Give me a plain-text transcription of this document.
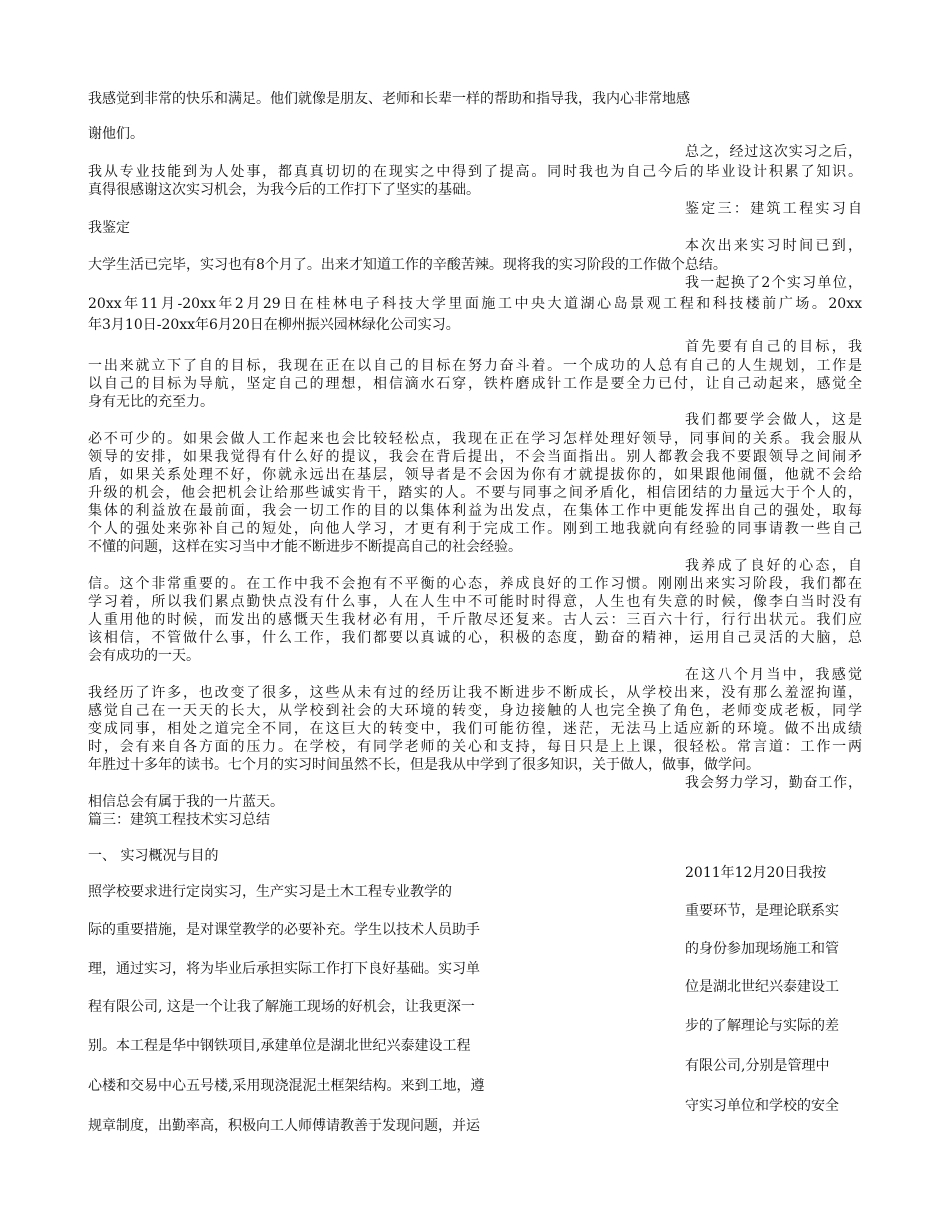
我感觉到非常的快乐和满足。他们就像是朋友、老师和长辈一样的帮助和指导我，我内心非常地感
谢他们。
总之，经过这次实习之后，
我从专业技能到为人处事，都真真切切的在现实之中得到了提高。同时我也为自己今后的毕业设计积累了知识。
真得很感谢这次实习机会，为我今后的工作打下了坚实的基础。
鉴定三：建筑工程实习自
我鉴定
本次出来实习时间已到，
大学生活已完毕，实习也有8个月了。出来才知道工作的辛酸苦辣。现将我的实习阶段的工作做个总结。
我一起换了2个实习单位，
20xx年11月-20xx年2月29日在桂林电子科技大学里面施工中央大道湖心岛景观工程和科技楼前广场。20xx
年3月10日-20xx年6月20日在柳州振兴园林绿化公司实习。
首先要有自己的目标，我
一出来就立下了自的目标，我现在正在以自己的目标在努力奋斗着。一个成功的人总有自己的人生规划，工作是
以自己的目标为导航，坚定自己的理想，相信滴水石穿，铁杵磨成针工作是要全力已付，让自己动起来，感觉全
身有无比的充至力。
我们都要学会做人，这是
必不可少的。如果会做人工作起来也会比较轻松点，我现在正在学习怎样处理好领导，同事间的关系。我会服从
领导的安排，如果我觉得有什么好的提议，我会在背后提出，不会当面指出。别人都教会我不要跟领导之间闹矛
盾，如果关系处理不好，你就永远出在基层，领导者是不会因为你有才就提拔你的，如果跟他闹僵，他就不会给
升级的机会，他会把机会让给那些诚实肯干，踏实的人。不要与同事之间矛盾化，相信团结的力量远大于个人的，
集体的利益放在最前面，我会一切工作的目的以集体利益为出发点，在集体工作中更能发挥出自己的强处，取每
个人的强处来弥补自己的短处，向他人学习，才更有利于完成工作。刚到工地我就向有经验的同事请教一些自己
不懂的问题，这样在实习当中才能不断进步不断提高自己的社会经验。
我养成了良好的心态，自
信。这个非常重要的。在工作中我不会抱有不平衡的心态，养成良好的工作习惯。刚刚出来实习阶段，我们都在
学习着，所以我们累点勤快点没有什么事，人在人生中不可能时时得意，人生也有失意的时候，像李白当时没有
人重用他的时候，而发出的感慨天生我材必有用，千斤散尽还复来。古人云：三百六十行，行行出状元。我们应
该相信，不管做什么事，什么工作，我们都要以真诚的心，积极的态度，勤奋的精神，运用自己灵活的大脑，总
会有成功的一天。
在这八个月当中，我感觉
我经历了许多，也改变了很多，这些从未有过的经历让我不断进步不断成长，从学校出来，没有那么羞涩拘谨，
感觉自己在一天天的长大，从学校到社会的大环境的转变，身边接触的人也完全换了角色，老师变成老板，同学
变成同事，相处之道完全不同，在这巨大的转变中，我们可能彷徨，迷茫，无法马上适应新的环境。做不出成绩
时，会有来自各方面的压力。在学校，有同学老师的关心和支持，每日只是上上课，很轻松。常言道：工作一两
年胜过十多年的读书。七个月的实习时间虽然不长，但是我从中学到了很多知识，关于做人，做事，做学问。
我会努力学习，勤奋工作，
相信总会有属于我的一片蓝天。
篇三：建筑工程技术实习总结
一、 实习概况与目的
2011年12月20日我按
照学校要求进行定岗实习，生产实习是土木工程专业教学的
重要环节，是理论联系实
际的重要措施，是对课堂教学的必要补充。学生以技术人员助手
的身份参加现场施工和管
理，通过实习，将为毕业后承担实际工作打下良好基础。实习单
位是湖北世纪兴泰建设工
程有限公司, 这是一个让我了解施工现场的好机会，让我更深一
步的了解理论与实际的差
别。本工程是华中钢铁项目,承建单位是湖北世纪兴泰建设工程
有限公司,分别是管理中
心楼和交易中心五号楼,采用现浇混泥土框架结构。来到工地，遵
守实习单位和学校的安全
规章制度，出勤率高，积极向工人师傅请教善于发现问题，并运
